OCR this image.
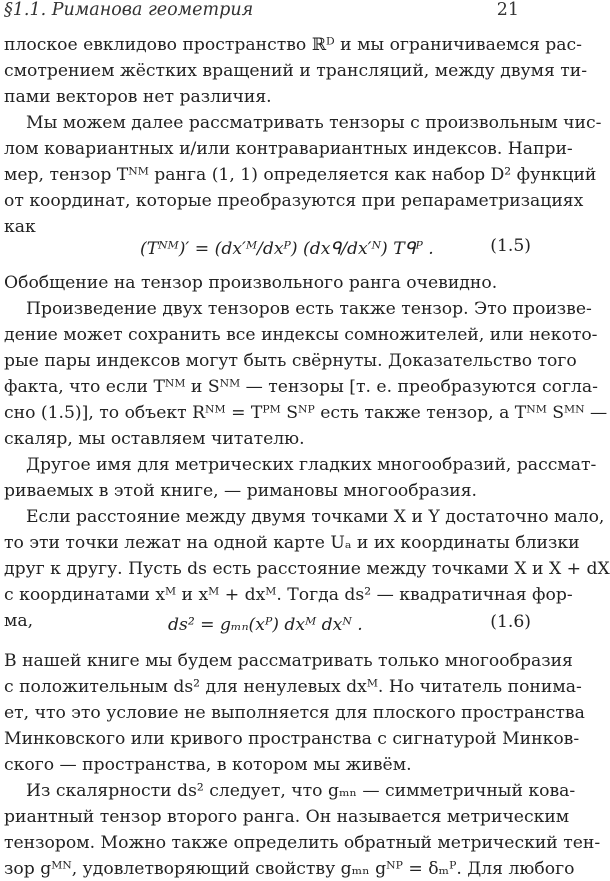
§1.1. Римановa геометрия	21
плоское евклидово пространство ℝᴰ и мы ограничиваемся рас-
смотрением жёстких вращений и трансляций, между двумя ти-
пами векторов нет различия.
Мы можем далее рассматривать тензоры с произвольным чис-
лом ковариантных и/или контравариантных индексов. Напри-
мер, тензор Tᴺᴹ ранга (1, 1) определяется как набор D² функций
от координат, которые преобразуются при репараметризациях
как
(Tᴺᴹ)′ = (dx′ᴹ/dxᴾ) (dxᑫ/dx′ᴺ) Tᑫᴾ .	(1.5)
Обобщение на тензор произвольного ранга очевидно.
Произведение двух тензоров есть также тензор. Это произве-
дение может сохранить все индексы сомножителей, или некото-
рые пары индексов могут быть свёрнуты. Доказательство того
факта, что если Tᴺᴹ и Sᴺᴹ — тензоры [т. е. преобразуются согла-
сно (1.5)], то объект Rᴺᴹ = Tᴾᴹ Sᴺᴾ есть также тензор, а Tᴺᴹ Sᴹᴺ —
скаляр, мы оставляем читателю.
Другое имя для метрических гладких многообразий, рассмат-
риваемых в этой книге, — римановы многообразия.
Если расстояние между двумя точками X и Y достаточно мало,
то эти точки лежат на одной карте Uₐ и их координаты близки
друг к другу. Пусть ds есть расстояние между точками X и X + dX
с координатами xᴹ и xᴹ + dxᴹ. Тогда ds² — квадратичная фор-
ма,	ds² = gₘₙ(xᴾ) dxᴹ dxᴺ .	(1.6)
В нашей книге мы будем рассматривать только многообразия
с положительным ds² для ненулевых dxᴹ. Но читатель понима-
ет, что это условие не выполняется для плоского пространства
Минковского или кривого пространства с сигнатурой Минков-
ского — пространства, в котором мы живём.
Из скалярности ds² следует, что gₘₙ — симметричный кова-
риантный тензор второго ранга. Он называется метрическим
тензором. Можно также определить обратный метрический тен-
зор gᴹᴺ, удовлетворяющий свойству gₘₙ gᴺᴾ = δₘᴾ. Для любого
